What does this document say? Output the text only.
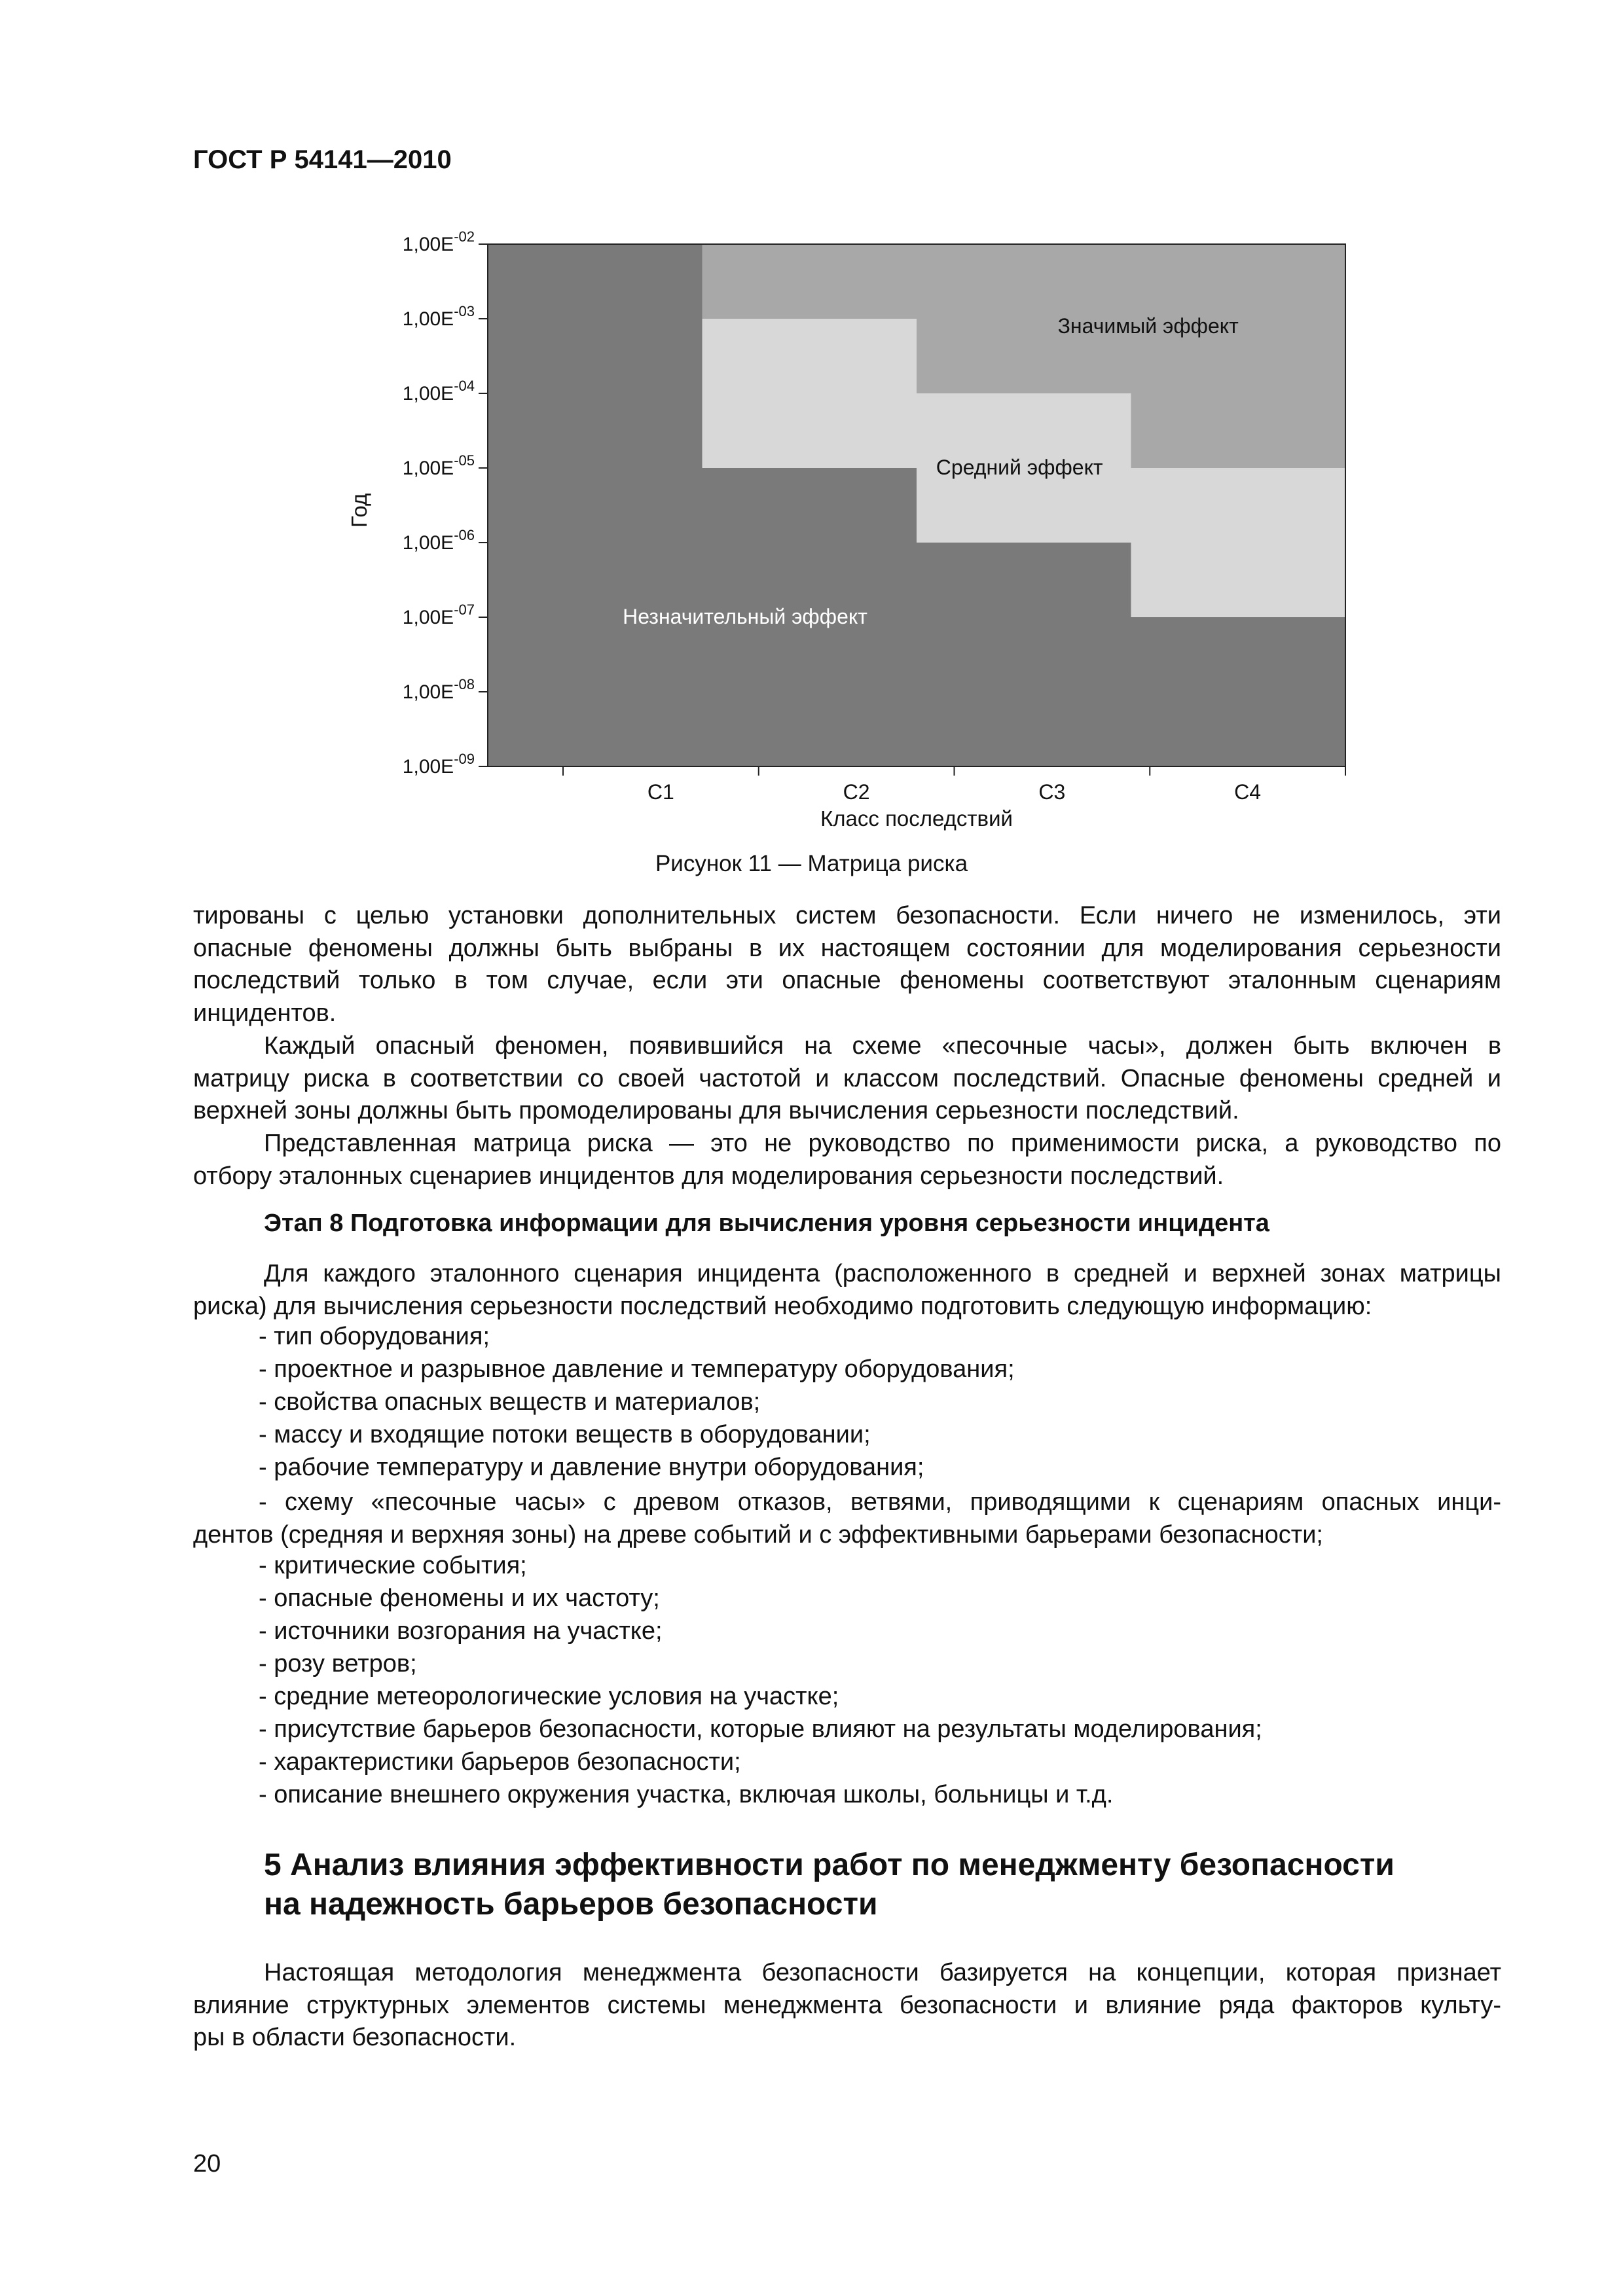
ГОСТ Р 54141—2010
$1,00E^{-02}$
$1,00E^{-03}$
$1,00E^{-04}$
$1,00E^{-05}$
$1,00E^{-06}$
$1,00E^{-07}$
$1,00E^{-08}$
$1,00E^{-09}$
C1	C2	C3	C4
Незначительный эффект
Средний эффект
Значимый эффект
Год
Класс последствий
Рисунок 11 — Матрица риска
тированы с целью установки дополнительных систем безопасности. Если ничего не изменилось, эти
опасные феномены должны быть выбраны в их настоящем состоянии для моделирования серьезности
последствий только в том случае, если эти опасные феномены соответствуют эталонным сценариям
инцидентов.
Каждый опасный феномен, появившийся на схеме «песочные часы», должен быть включен в
матрицу риска в соответствии со своей частотой и классом последствий. Опасные феномены средней и
верхней зоны должны быть промоделированы для вычисления серьезности последствий.
Представленная матрица риска — это не руководство по применимости риска, а руководство по
отбору эталонных сценариев инцидентов для моделирования серьезности последствий.
Этап 8 Подготовка информации для вычисления уровня серьезности инцидента
Для каждого эталонного сценария инцидента (расположенного в средней и верхней зонах матрицы
риска) для вычисления серьезности последствий необходимо подготовить следующую информацию:
- тип оборудования;
- проектное и разрывное давление и температуру оборудования;
- свойства опасных веществ и материалов;
- массу и входящие потоки веществ в оборудовании;
- рабочие температуру и давление внутри оборудования;
- схему «песочные часы» с древом отказов, ветвями, приводящими к сценариям опасных инци-
дентов (средняя и верхняя зоны) на древе событий и с эффективными барьерами безопасности;
- критические события;
- опасные феномены и их частоту;
- источники возгорания на участке;
- розу ветров;
- средние метеорологические условия на участке;
- присутствие барьеров безопасности, которые влияют на результаты моделирования;
- характеристики барьеров безопасности;
- описание внешнего окружения участка, включая школы, больницы и т.д.
5 Анализ влияния эффективности работ по менеджменту безопасности
на надежность барьеров безопасности
Настоящая методология менеджмента безопасности базируется на концепции, которая признает
влияние структурных элементов системы менеджмента безопасности и влияние ряда факторов культу-
ры в области безопасности.
20
